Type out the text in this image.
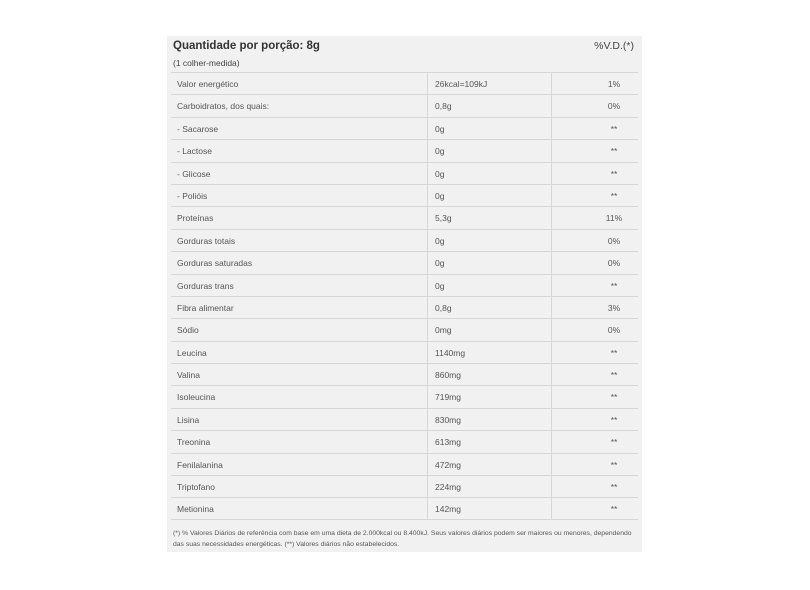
Quantidade por porção: 8g
(1 colher-medida)
%V.D.(*)
Valor energético	26kcal=109kJ	1%
Carboidratos, dos quais:	0,8g	0%
- Sacarose	0g	**
- Lactose	0g	**
- Glicose	0g	**
- Polióis	0g	**
Proteínas	5,3g	11%
Gorduras totais	0g	0%
Gorduras saturadas	0g	0%
Gorduras trans	0g	**
Fibra alimentar	0,8g	3%
Sódio	0mg	0%
Leucina	1140mg	**
Valina	860mg	**
Isoleucina	719mg	**
Lisina	830mg	**
Treonina	613mg	**
Fenilalanina	472mg	**
Triptofano	224mg	**
Metionina	142mg	**
(*) % Valores Diários de referência com base em uma dieta de 2.000kcal ou 8.400kJ. Seus valores diários podem ser maiores ou menores, dependendo das suas necessidades energéticas. (**) Valores diários não estabelecidos.
